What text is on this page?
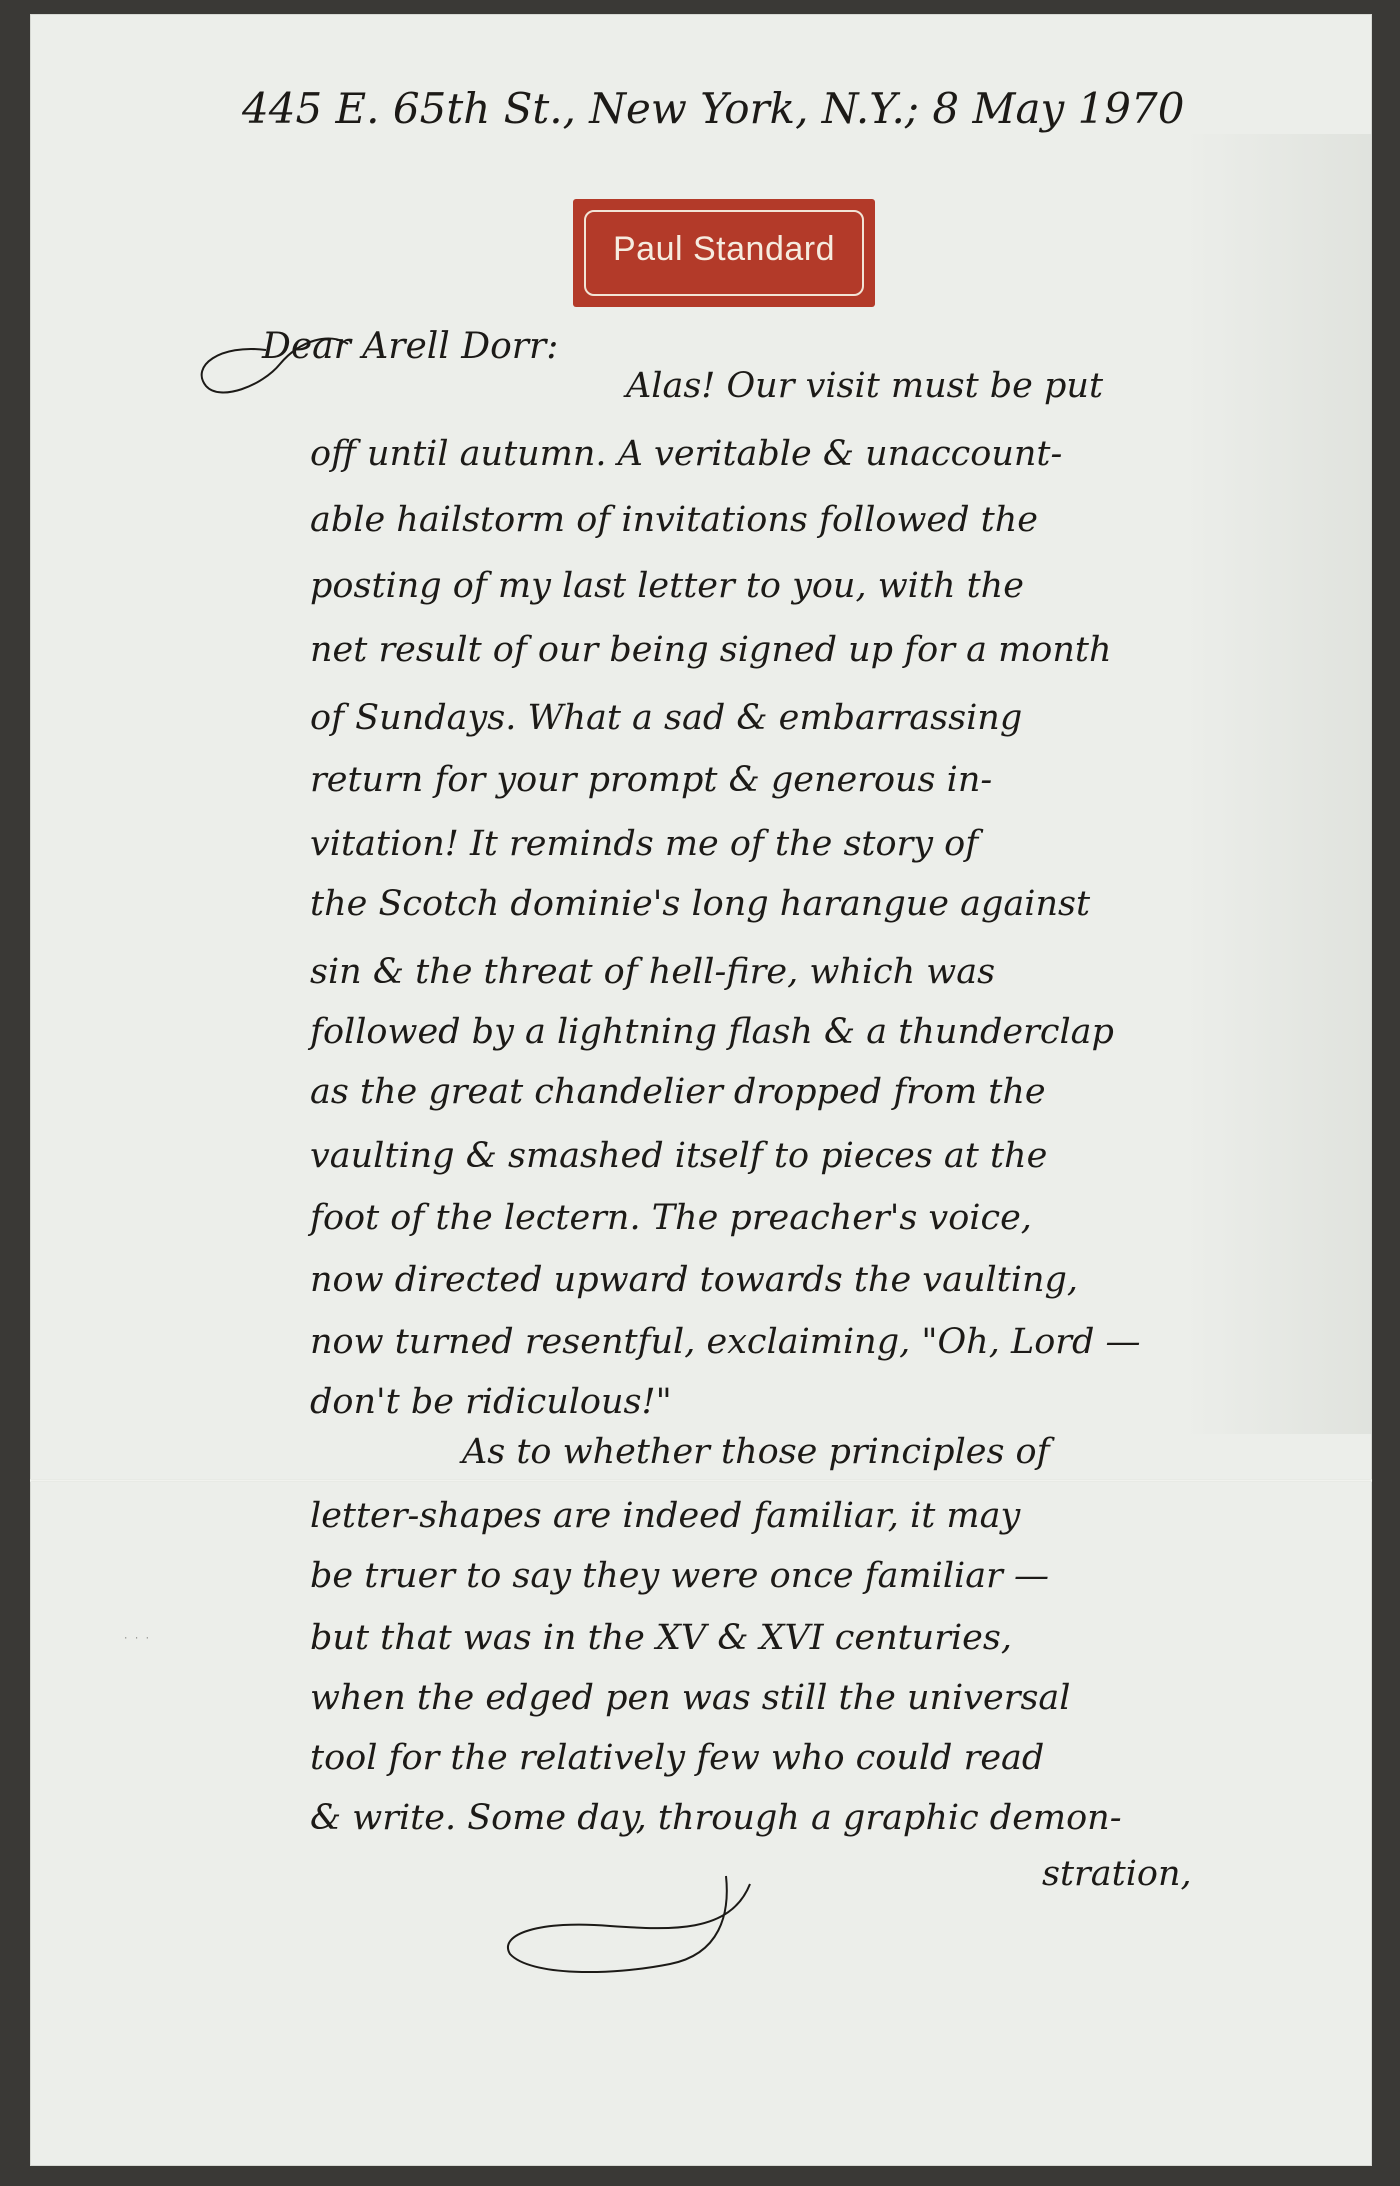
445 E. 65th St., New York, N.Y.; 8 May 1970
Paul Standard
Dear Arell Dorr:
Alas! Our visit must be put
off until autumn. A veritable & unaccount-
able hailstorm of invitations followed the
posting of my last letter to you, with the
net result of our being signed up for a month
of Sundays. What a sad & embarrassing
return for your prompt & generous in-
vitation! It reminds me of the story of
the Scotch dominie's long harangue against
sin & the threat of hell-fire, which was
followed by a lightning flash & a thunderclap
as the great chandelier dropped from the
vaulting & smashed itself to pieces at the
foot of the lectern. The preacher's voice,
now directed upward towards the vaulting,
now turned resentful, exclaiming, "Oh, Lord —
don't be ridiculous!"
As to whether those principles of
letter-shapes are indeed familiar, it may
be truer to say they were once familiar —
but that was in the XV & XVI centuries,
when the edged pen was still the universal
tool for the relatively few who could read
& write. Some day, through a graphic demon-
stration,
· · ·
